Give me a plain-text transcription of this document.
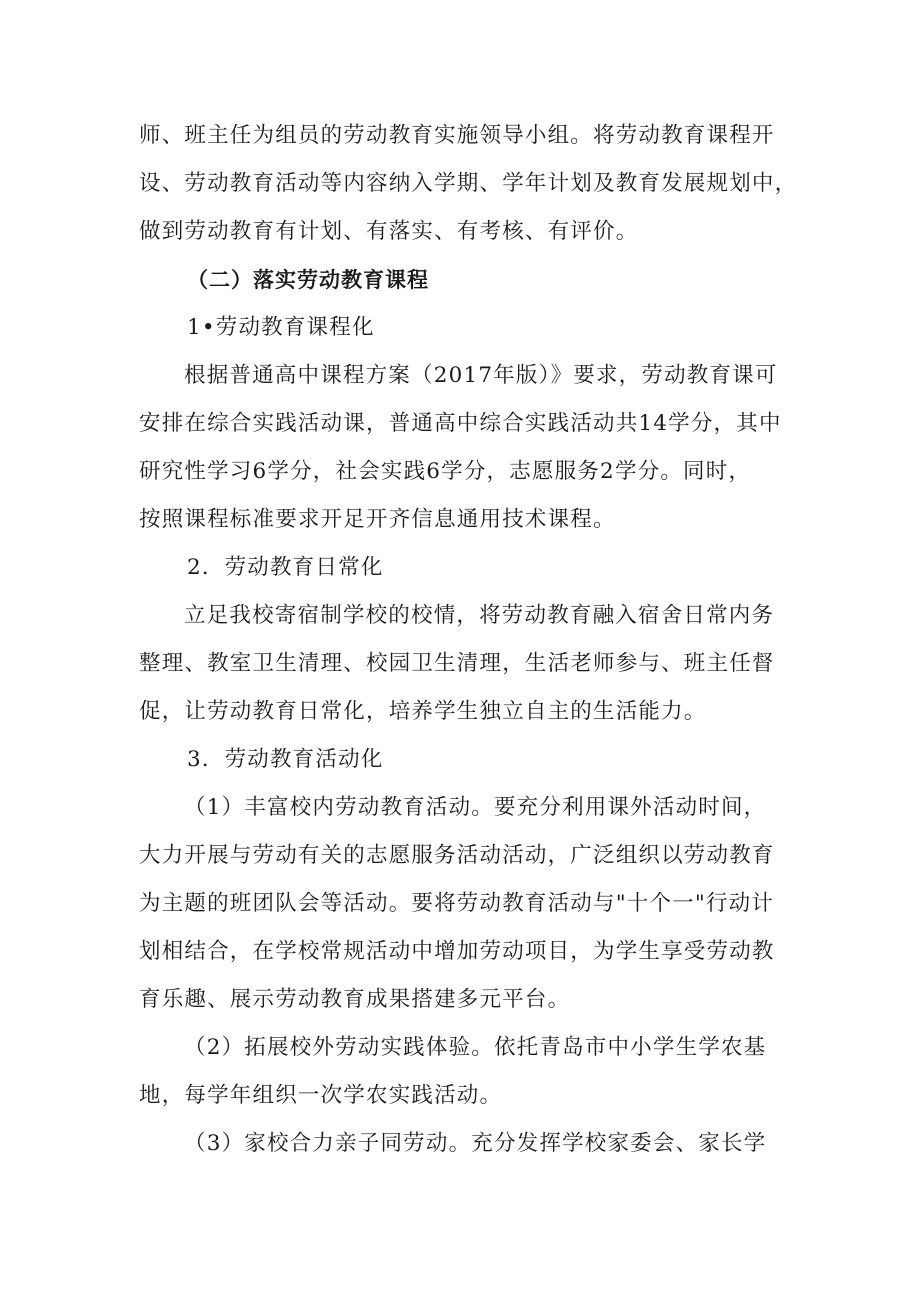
师、班主任为组员的劳动教育实施领导小组。将劳动教育课程开
设、劳动教育活动等内容纳入学期、学年计划及教育发展规划中，
做到劳动教育有计划、有落实、有考核、有评价。
（二）落实劳动教育课程
1•劳动教育课程化
根据普通高中课程方案（2017年版）》要求，劳动教育课可
安排在综合实践活动课，普通高中综合实践活动共14学分，其中
研究性学习6学分，社会实践6学分，志愿服务2学分。同时，
按照课程标准要求开足开齐信息通用技术课程。
2．劳动教育日常化
立足我校寄宿制学校的校情，将劳动教育融入宿舍日常内务
整理、教室卫生清理、校园卫生清理，生活老师参与、班主任督
促，让劳动教育日常化，培养学生独立自主的生活能力。
3．劳动教育活动化
（1）丰富校内劳动教育活动。要充分利用课外活动时间，
大力开展与劳动有关的志愿服务活动活动，广泛组织以劳动教育
为主题的班团队会等活动。要将劳动教育活动与"十个一"行动计
划相结合，在学校常规活动中增加劳动项目，为学生享受劳动教
育乐趣、展示劳动教育成果搭建多元平台。
（2）拓展校外劳动实践体验。依托青岛市中小学生学农基
地，每学年组织一次学农实践活动。
（3）家校合力亲子同劳动。充分发挥学校家委会、家长学
